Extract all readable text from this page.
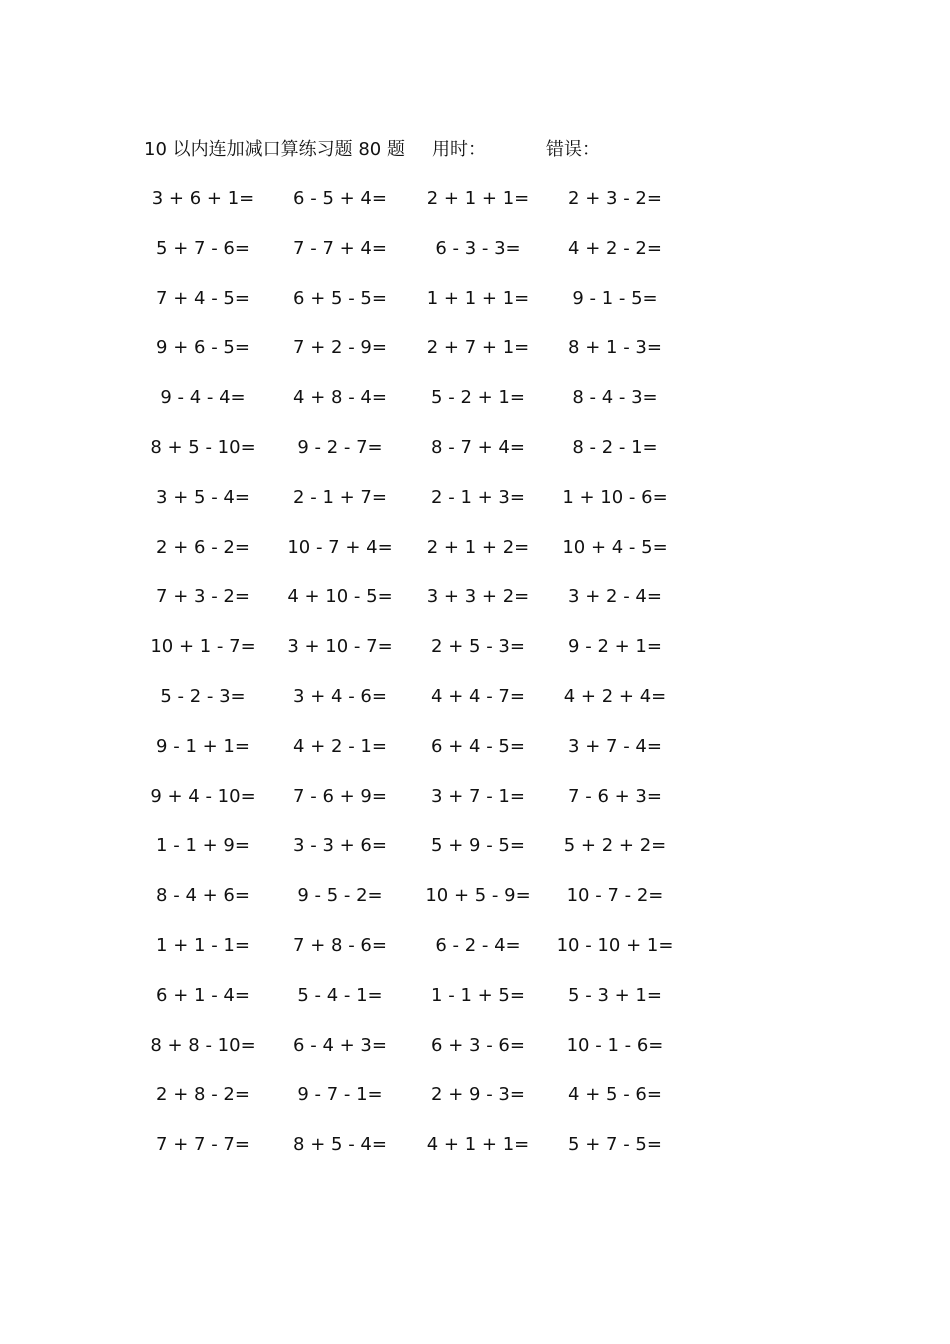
10 以内连加减口算练习题 80 题 用时：	错误：
3 + 6 + 1=	6 - 5 + 4=	2 + 1 + 1=	2 + 3 - 2=
5 + 7 - 6=	7 - 7 + 4=	6 - 3 - 3=	4 + 2 - 2=
7 + 4 - 5=	6 + 5 - 5=	1 + 1 + 1=	9 - 1 - 5=
9 + 6 - 5=	7 + 2 - 9=	2 + 7 + 1=	8 + 1 - 3=
9 - 4 - 4=	4 + 8 - 4=	5 - 2 + 1=	8 - 4 - 3=
8 + 5 - 10=	9 - 2 - 7=	8 - 7 + 4=	8 - 2 - 1=
3 + 5 - 4=	2 - 1 + 7=	2 - 1 + 3=	1 + 10 - 6=
2 + 6 - 2=	10 - 7 + 4=	2 + 1 + 2=	10 + 4 - 5=
7 + 3 - 2=	4 + 10 - 5=	3 + 3 + 2=	3 + 2 - 4=
10 + 1 - 7=	3 + 10 - 7=	2 + 5 - 3=	9 - 2 + 1=
5 - 2 - 3=	3 + 4 - 6=	4 + 4 - 7=	4 + 2 + 4=
9 - 1 + 1=	4 + 2 - 1=	6 + 4 - 5=	3 + 7 - 4=
9 + 4 - 10=	7 - 6 + 9=	3 + 7 - 1=	7 - 6 + 3=
1 - 1 + 9=	3 - 3 + 6=	5 + 9 - 5=	5 + 2 + 2=
8 - 4 + 6=	9 - 5 - 2=	10 + 5 - 9=	10 - 7 - 2=
1 + 1 - 1=	7 + 8 - 6=	6 - 2 - 4=	10 - 10 + 1=
6 + 1 - 4=	5 - 4 - 1=	1 - 1 + 5=	5 - 3 + 1=
8 + 8 - 10=	6 - 4 + 3=	6 + 3 - 6=	10 - 1 - 6=
2 + 8 - 2=	9 - 7 - 1=	2 + 9 - 3=	4 + 5 - 6=
7 + 7 - 7=	8 + 5 - 4=	4 + 1 + 1=	5 + 7 - 5=
